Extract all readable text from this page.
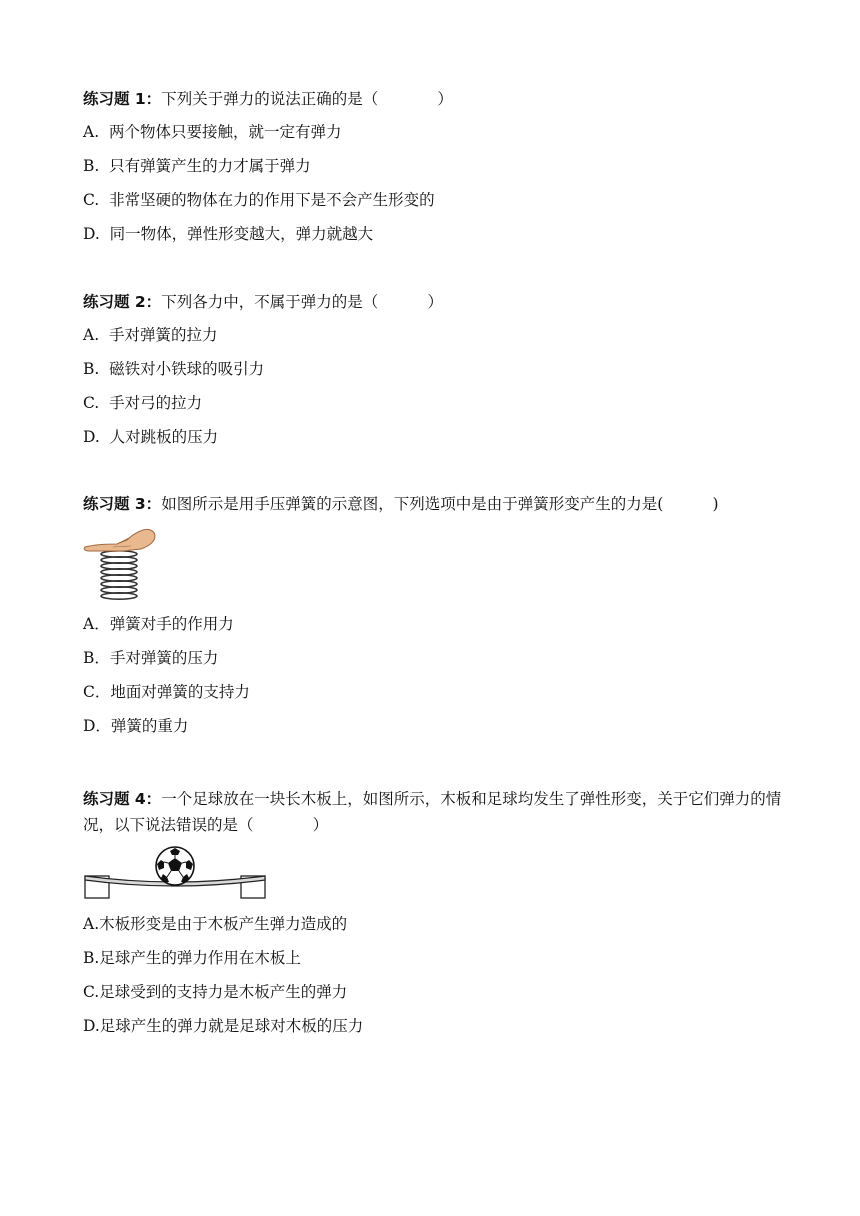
练习题 1：下列关于弹力的说法正确的是（            ）

A.  两个物体只要接触，就一定有弹力

B.  只有弹簧产生的力才属于弹力

C.  非常坚硬的物体在力的作用下是不会产生形变的

D.  同一物体，弹性形变越大，弹力就越大

练习题 2：下列各力中，不属于弹力的是（          ）

A.  手对弹簧的拉力

B.  磁铁对小铁球的吸引力

C.  手对弓的拉力

D.  人对跳板的压力

练习题 3：如图所示是用手压弹簧的示意图，下列选项中是由于弹簧形变产生的力是(          )

A．弹簧对手的作用力

B．手对弹簧的压力

C．地面对弹簧的支持力

D．弹簧的重力

练习题 4：一个足球放在一块长木板上，如图所示，木板和足球均发生了弹性形变，关于它们弹力的情况，以下说法错误的是（            ）

A.木板形变是由于木板产生弹力造成的

B.足球产生的弹力作用在木板上

C.足球受到的支持力是木板产生的弹力

D.足球产生的弹力就是足球对木板的压力
